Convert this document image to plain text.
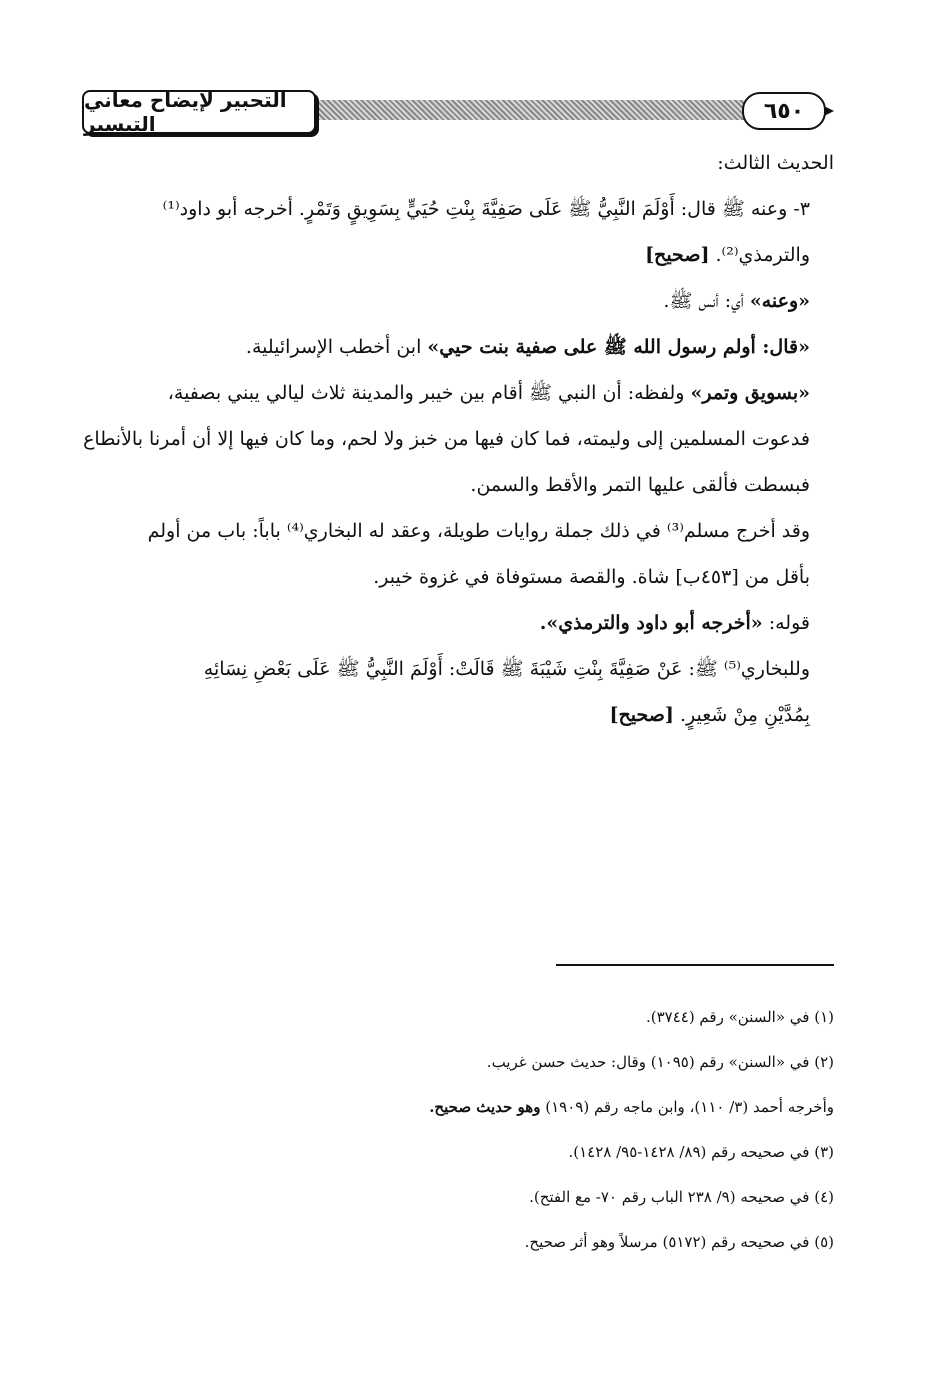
التحبير لإيضاح معاني التيسير
٦٥٠

الحديث الثالث:

٣- وعنه ﷺ قال: أَوْلَمَ النَّبِيُّ ﷺ عَلَى صَفِيَّةَ بِنْتِ حُيَيٍّ بِسَوِيقٍ وَتَمْرٍ. أخرجه أبو داود⁽¹⁾
والترمذي⁽²⁾. [صحيح]

«وعنه» أي: أنس ﷺ.

«قال: أولم رسول الله ﷺ على صفية بنت حيي» ابن أخطب الإسرائيلية.

«بسويق وتمر» ولفظه: أن النبي ﷺ أقام بين خيبر والمدينة ثلاث ليالي يبني بصفية،
فدعوت المسلمين إلى وليمته، فما كان فيها من خبز ولا لحم، وما كان فيها إلا أن أمرنا بالأنطاع
فبسطت فألقى عليها التمر والأقط والسمن.

وقد أخرج مسلم⁽³⁾ في ذلك جملة روايات طويلة، وعقد له البخاري⁽⁴⁾ باباً: باب من أولم
بأقل من [٤٥٣ب] شاة. والقصة مستوفاة في غزوة خيبر.

قوله: «أخرجه أبو داود والترمذي».

وللبخاري⁽⁵⁾ ﷺ: عَنْ صَفِيَّةَ بِنْتِ شَيْبَةَ ﷺ قَالَتْ: أَوْلَمَ النَّبِيُّ ﷺ عَلَى بَعْضِ نِسَائِهِ
بِمُدَّيْنِ مِنْ شَعِيرٍ. [صحيح]

(١) في «السنن» رقم (٣٧٤٤).

(٢) في «السنن» رقم (١٠٩٥) وقال: حديث حسن غريب.

وأخرجه أحمد (٣/ ١١٠)، وابن ماجه رقم (١٩٠٩) وهو حديث صحيح.

(٣) في صحيحه رقم (٨٩/ ١٤٢٨-٩٥/ ١٤٢٨).

(٤) في صحيحه (٩/ ٢٣٨ الباب رقم ٧٠- مع الفتح).

(٥) في صحيحه رقم (٥١٧٢) مرسلاً وهو أثر صحيح.
